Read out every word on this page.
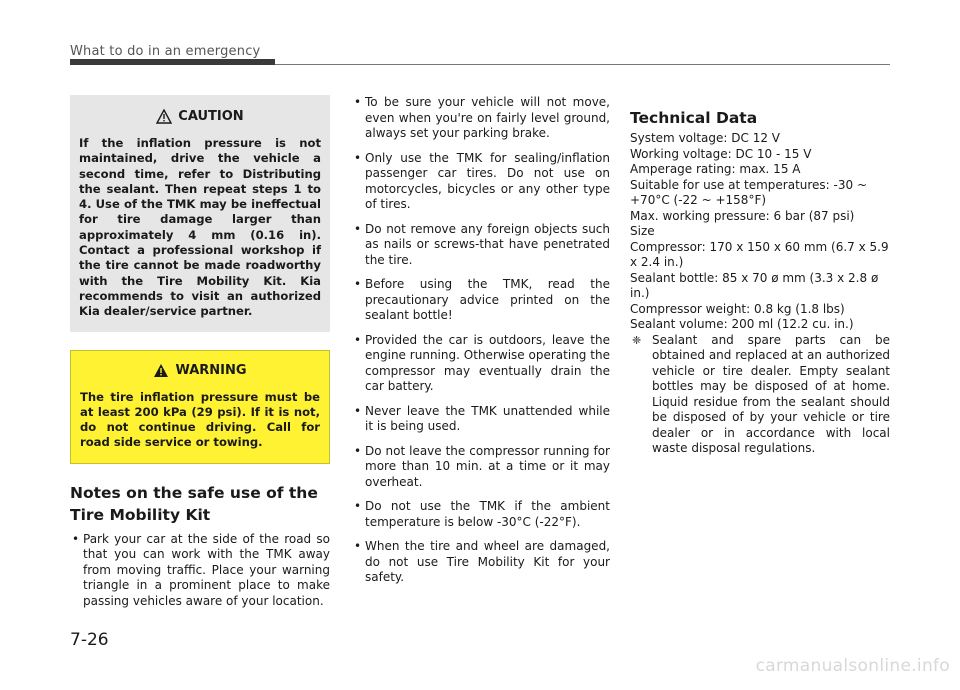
What to do in an emergency
CAUTION
If the inflation pressure is not maintained, drive the vehicle a second time, refer to Distributing the sealant. Then repeat steps 1 to 4. Use of the TMK may be ineffectual for tire damage larger than approximately 4 mm (0.16 in). Contact a professional workshop if the tire cannot be made roadworthy with the Tire Mobility Kit. Kia recommends to visit an authorized Kia dealer/service partner.
WARNING
The tire inflation pressure must be at least 200 kPa (29 psi). If it is not, do not continue driving. Call for road side service or towing.
Notes on the safe use of the Tire Mobility Kit
• Park your car at the side of the road so that you can work with the TMK away from moving traffic. Place your warning triangle in a prominent place to make passing vehicles aware of your location.
• To be sure your vehicle will not move, even when you're on fairly level ground, always set your parking brake.
• Only use the TMK for sealing/inflation passenger car tires. Do not use on motorcycles, bicycles or any other type of tires.
• Do not remove any foreign objects such as nails or screws-that have penetrated the tire.
• Before using the TMK, read the precautionary advice printed on the sealant bottle!
• Provided the car is outdoors, leave the engine running. Otherwise operating the compressor may eventually drain the car battery.
• Never leave the TMK unattended while it is being used.
• Do not leave the compressor running for more than 10 min. at a time or it may overheat.
• Do not use the TMK if the ambient temperature is below -30°C (-22°F).
• When the tire and wheel are damaged, do not use Tire Mobility Kit for your safety.
Technical Data
System voltage: DC 12 V
Working voltage: DC 10 - 15 V
Amperage rating: max. 15 A
Suitable for use at temperatures: -30 ~ +70°C (-22 ~ +158°F)
Max. working pressure: 6 bar (87 psi)
Size
Compressor: 170 x 150 x 60 mm (6.7 x 5.9 x 2.4 in.)
Sealant bottle: 85 x 70 ø mm (3.3 x 2.8 ø in.)
Compressor weight: 0.8 kg (1.8 lbs)
Sealant volume: 200 ml (12.2 cu. in.)
❈ Sealant and spare parts can be obtained and replaced at an authorized vehicle or tire dealer. Empty sealant bottles may be disposed of at home. Liquid residue from the sealant should be disposed of by your vehicle or tire dealer or in accordance with local waste disposal regulations.
7-26
carmanualsonline.info
